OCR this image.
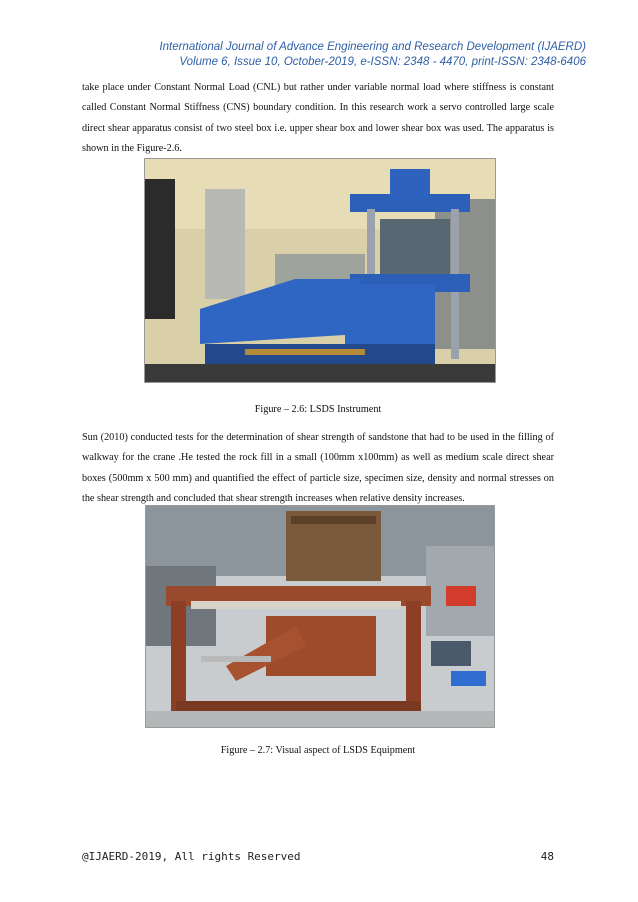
International Journal of Advance Engineering and Research Development (IJAERD)
Volume 6, Issue 10, October-2019, e-ISSN: 2348 - 4470, print-ISSN: 2348-6406
take place under Constant Normal Load (CNL) but rather under variable normal load where stiffness is constant called Constant Normal Stiffness (CNS) boundary condition. In this research work a servo controlled large scale direct shear apparatus consist of two steel box i.e. upper shear box and lower shear box was used. The apparatus is shown in the Figure-2.6.
Figure – 2.6: LSDS Instrument
Sun (2010) conducted tests for the determination of shear strength of sandstone that had to be used in the filling of walkway for the crane .He tested the rock fill in a small (100mm x100mm) as well as medium scale direct shear boxes (500mm x 500 mm) and quantified the effect of particle size, specimen size, density and normal stresses on the shear strength and concluded that shear strength increases when relative density increases.
Figure – 2.7: Visual aspect of LSDS Equipment
@IJAERD-2019, All rights Reserved	48
